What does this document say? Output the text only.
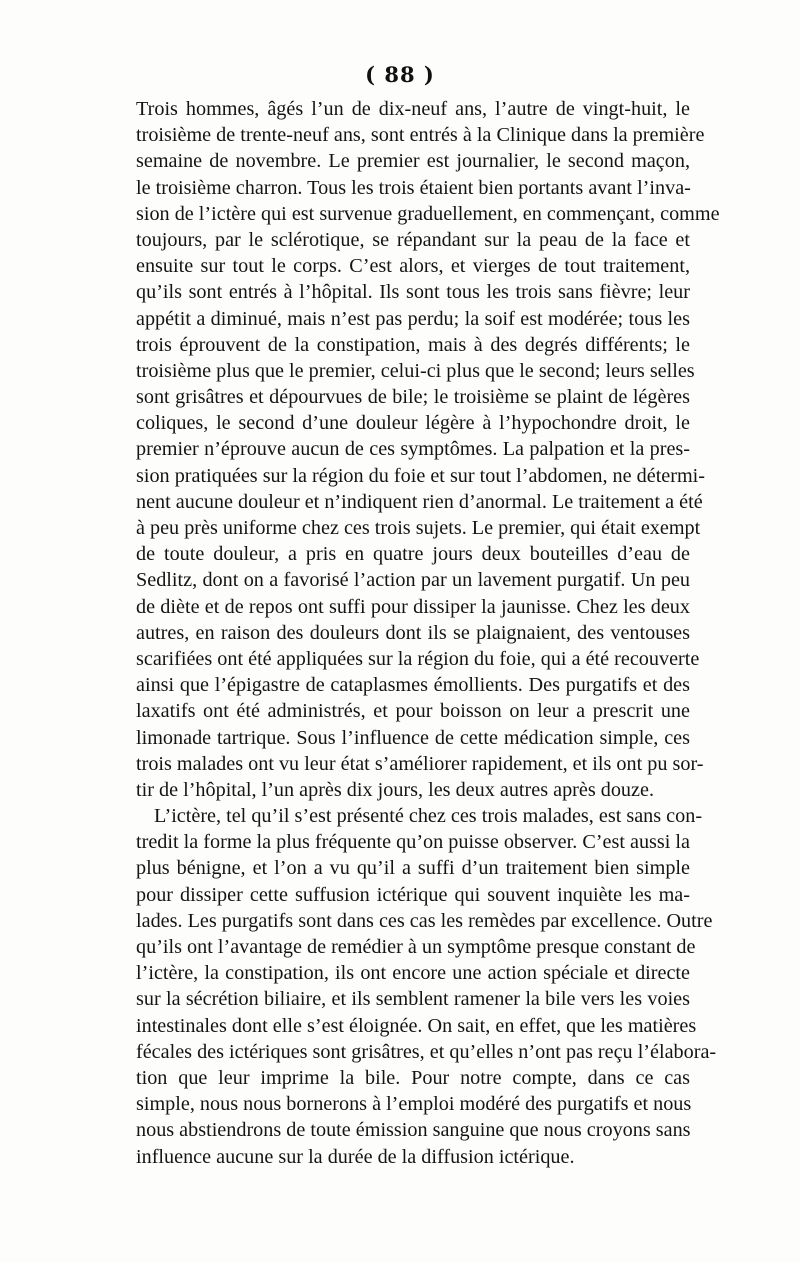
( 88 )
Trois hommes, âgés l’un de dix-neuf ans, l’autre de vingt-huit, le
troisième de trente-neuf ans, sont entrés à la Clinique dans la première
semaine de novembre. Le premier est journalier, le second maçon,
le troisième charron. Tous les trois étaient bien portants avant l’inva-
sion de l’ictère qui est survenue graduellement, en commençant, comme
toujours, par le sclérotique, se répandant sur la peau de la face et
ensuite sur tout le corps. C’est alors, et vierges de tout traitement,
qu’ils sont entrés à l’hôpital. Ils sont tous les trois sans fièvre; leur
appétit a diminué, mais n’est pas perdu; la soif est modérée; tous les
trois éprouvent de la constipation, mais à des degrés différents; le
troisième plus que le premier, celui-ci plus que le second; leurs selles
sont grisâtres et dépourvues de bile; le troisième se plaint de légères
coliques, le second d’une douleur légère à l’hypochondre droit, le
premier n’éprouve aucun de ces symptômes. La palpation et la pres-
sion pratiquées sur la région du foie et sur tout l’abdomen, ne détermi-
nent aucune douleur et n’indiquent rien d’anormal. Le traitement a été
à peu près uniforme chez ces trois sujets. Le premier, qui était exempt
de toute douleur, a pris en quatre jours deux bouteilles d’eau de
Sedlitz, dont on a favorisé l’action par un lavement purgatif. Un peu
de diète et de repos ont suffi pour dissiper la jaunisse. Chez les deux
autres, en raison des douleurs dont ils se plaignaient, des ventouses
scarifiées ont été appliquées sur la région du foie, qui a été recouverte
ainsi que l’épigastre de cataplasmes émollients. Des purgatifs et des
laxatifs ont été administrés, et pour boisson on leur a prescrit une
limonade tartrique. Sous l’influence de cette médication simple, ces
trois malades ont vu leur état s’améliorer rapidement, et ils ont pu sor-
tir de l’hôpital, l’un après dix jours, les deux autres après douze.
L’ictère, tel qu’il s’est présenté chez ces trois malades, est sans con-
tredit la forme la plus fréquente qu’on puisse observer. C’est aussi la
plus bénigne, et l’on a vu qu’il a suffi d’un traitement bien simple
pour dissiper cette suffusion ictérique qui souvent inquiète les ma-
lades. Les purgatifs sont dans ces cas les remèdes par excellence. Outre
qu’ils ont l’avantage de remédier à un symptôme presque constant de
l’ictère, la constipation, ils ont encore une action spéciale et directe
sur la sécrétion biliaire, et ils semblent ramener la bile vers les voies
intestinales dont elle s’est éloignée. On sait, en effet, que les matières
fécales des ictériques sont grisâtres, et qu’elles n’ont pas reçu l’élabora-
tion que leur imprime la bile. Pour notre compte, dans ce cas
simple, nous nous bornerons à l’emploi modéré des purgatifs et nous
nous abstiendrons de toute émission sanguine que nous croyons sans
influence aucune sur la durée de la diffusion ictérique.
